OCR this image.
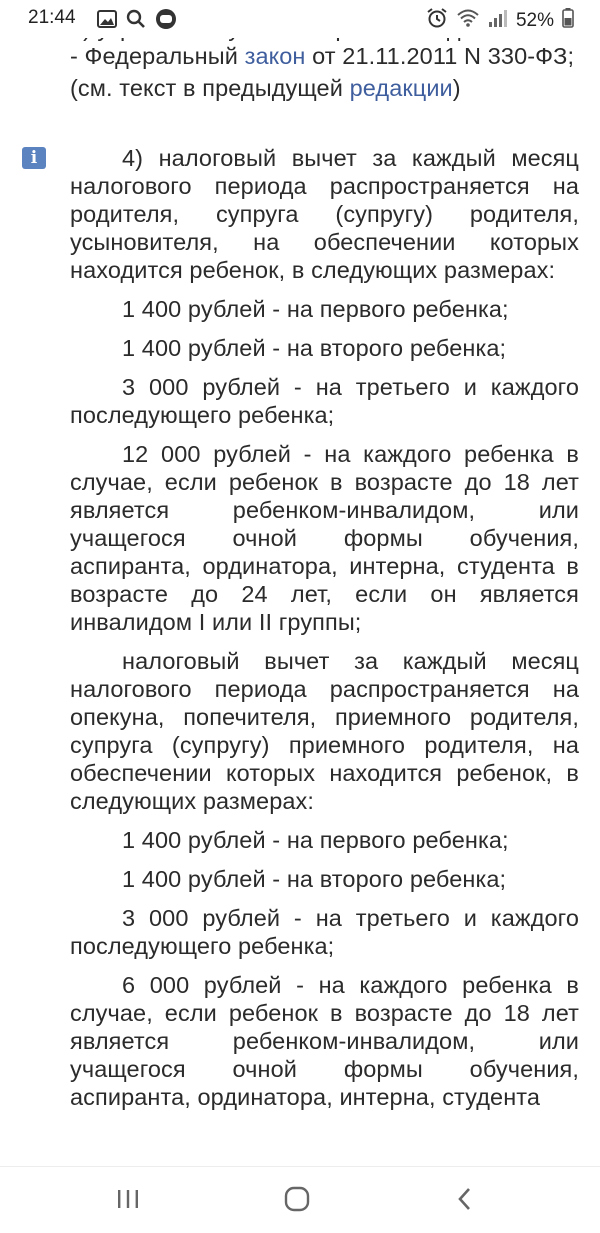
i

- Федеральный закон от 21.11.2011 N 330-ФЗ;

(см. текст в предыдущей редакции)

4) налоговый вычет за каждый месяц налогового периода распространяется на родителя, супруга (супругу) родителя, усыновителя, на обеспечении которых находится ребенок, в следующих размерах:

1 400 рублей - на первого ребенка;

1 400 рублей - на второго ребенка;

3 000 рублей - на третьего и каждого последующего ребенка;

12 000 рублей - на каждого ребенка в случае, если ребенок в возрасте до 18 лет является ребенком-инвалидом, или учащегося очной формы обучения, аспиранта, ординатора, интерна, студента в возрасте до 24 лет, если он является инвалидом I или II группы;

налоговый вычет за каждый месяц налогового периода распространяется на опекуна, попечителя, приемного родителя, супруга (супругу) приемного родителя, на обеспечении которых находится ребенок, в следующих размерах:

1 400 рублей - на первого ребенка;

1 400 рублей - на второго ребенка;

3 000 рублей - на третьего и каждого последующего ребенка;

6 000 рублей - на каждого ребенка в случае, если ребенок в возрасте до 18 лет является ребенком-инвалидом, или учащегося очной формы обучения, аспиранта, ординатора, интерна, студента

21:44	52%
